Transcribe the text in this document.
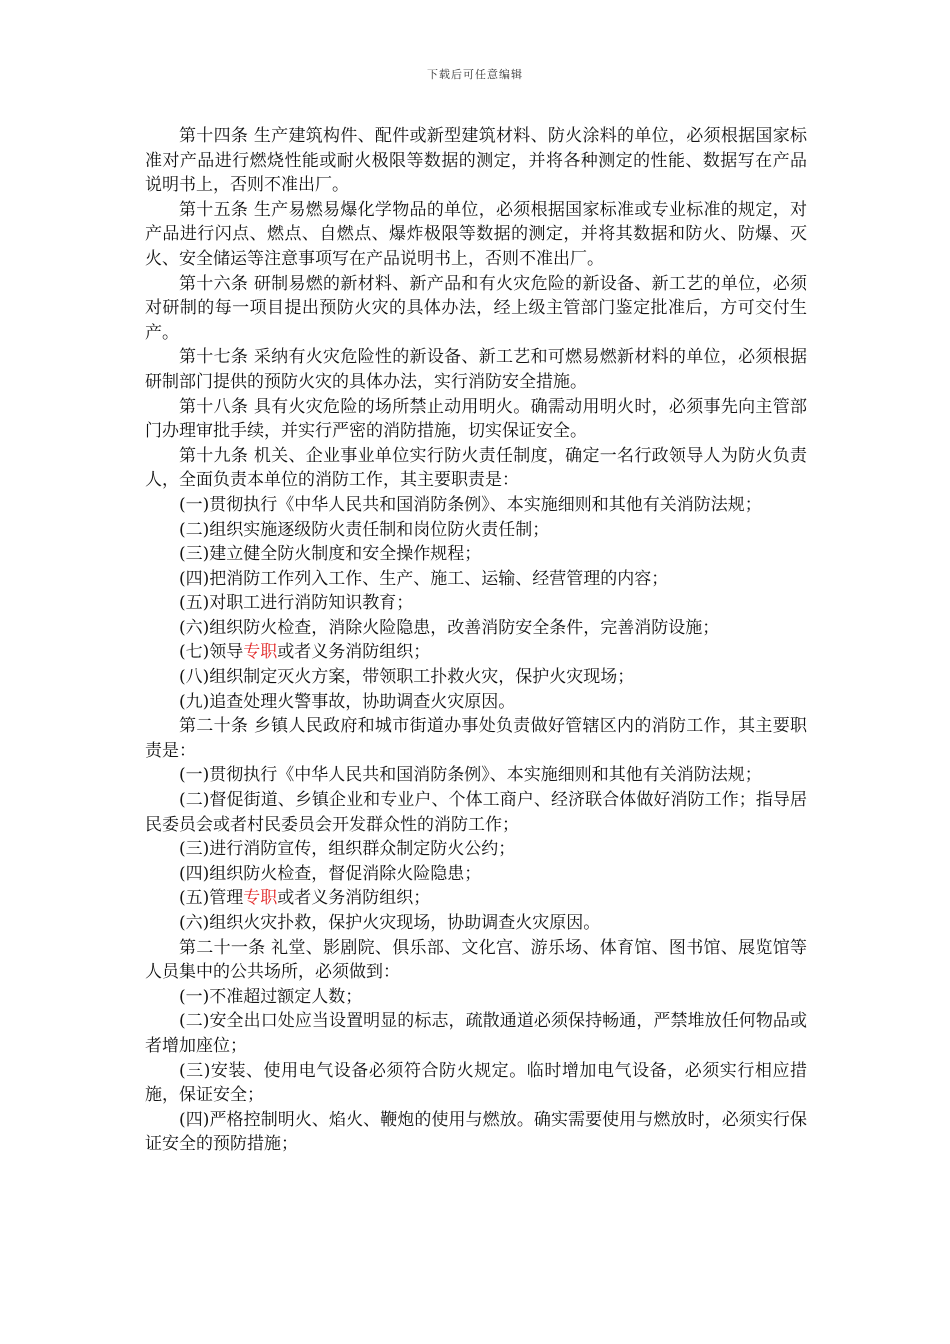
下载后可任意编辑

第十四条 生产建筑构件、配件或新型建筑材料、防火涂料的单位，必须根据国家标准对产品进行燃烧性能或耐火极限等数据的测定，并将各种测定的性能、数据写在产品说明书上，否则不准出厂。

第十五条 生产易燃易爆化学物品的单位，必须根据国家标准或专业标准的规定，对产品进行闪点、燃点、自燃点、爆炸极限等数据的测定，并将其数据和防火、防爆、灭火、安全储运等注意事项写在产品说明书上，否则不准出厂。

第十六条 研制易燃的新材料、新产品和有火灾危险的新设备、新工艺的单位，必须对研制的每一项目提出预防火灾的具体办法，经上级主管部门鉴定批准后，方可交付生产。

第十七条 采纳有火灾危险性的新设备、新工艺和可燃易燃新材料的单位，必须根据研制部门提供的预防火灾的具体办法，实行消防安全措施。

第十八条 具有火灾危险的场所禁止动用明火。确需动用明火时，必须事先向主管部门办理审批手续，并实行严密的消防措施，切实保证安全。

第十九条 机关、企业事业单位实行防火责任制度，确定一名行政领导人为防火负责人，全面负责本单位的消防工作，其主要职责是：

(一)贯彻执行《中华人民共和国消防条例》、本实施细则和其他有关消防法规；

(二)组织实施逐级防火责任制和岗位防火责任制；

(三)建立健全防火制度和安全操作规程；

(四)把消防工作列入工作、生产、施工、运输、经营管理的内容；

(五)对职工进行消防知识教育；

(六)组织防火检查，消除火险隐患，改善消防安全条件，完善消防设施；

(七)领导专职或者义务消防组织；

(八)组织制定灭火方案，带领职工扑救火灾，保护火灾现场；

(九)追查处理火警事故，协助调查火灾原因。

第二十条 乡镇人民政府和城市街道办事处负责做好管辖区内的消防工作，其主要职责是：

(一)贯彻执行《中华人民共和国消防条例》、本实施细则和其他有关消防法规；

(二)督促街道、乡镇企业和专业户、个体工商户、经济联合体做好消防工作；指导居民委员会或者村民委员会开发群众性的消防工作；

(三)进行消防宣传，组织群众制定防火公约；

(四)组织防火检查，督促消除火险隐患；

(五)管理专职或者义务消防组织；

(六)组织火灾扑救，保护火灾现场，协助调查火灾原因。

第二十一条 礼堂、影剧院、俱乐部、文化宫、游乐场、体育馆、图书馆、展览馆等人员集中的公共场所，必须做到：

(一)不准超过额定人数；

(二)安全出口处应当设置明显的标志，疏散通道必须保持畅通，严禁堆放任何物品或者增加座位；

(三)安装、使用电气设备必须符合防火规定。临时增加电气设备，必须实行相应措施，保证安全；

(四)严格控制明火、焰火、鞭炮的使用与燃放。确实需要使用与燃放时，必须实行保证安全的预防措施；
